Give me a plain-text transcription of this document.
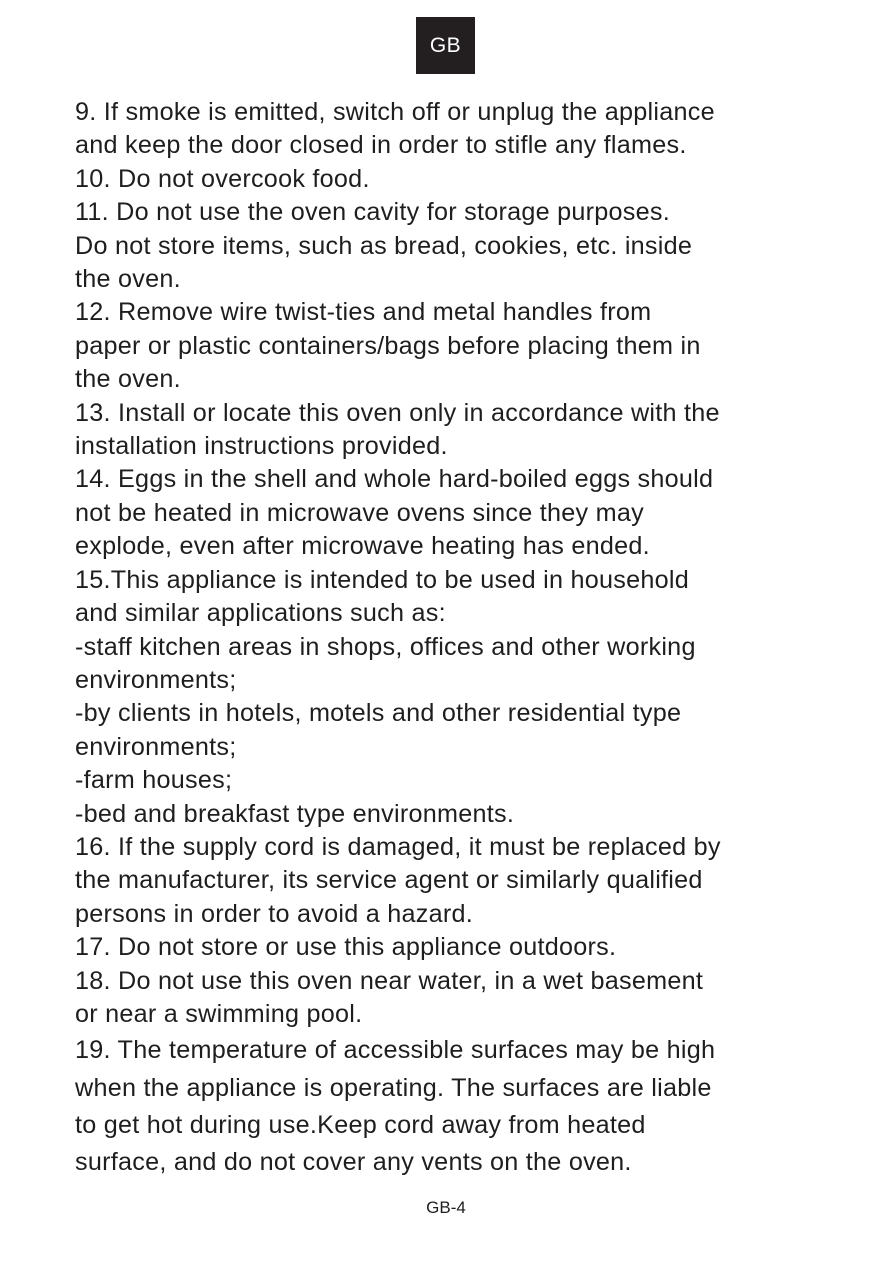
GB

9. If smoke is emitted, switch off or unplug the appliance

and keep the door closed in order to stifle any flames.

10. Do not overcook food.

11. Do not use the oven cavity for storage purposes.

Do not store items, such as bread, cookies, etc. inside

the oven.

12. Remove wire twist-ties and metal handles from

paper or plastic containers/bags before placing them in

the oven.

13. Install or locate this oven only in accordance with the

installation instructions provided.

14. Eggs in the shell and whole hard-boiled eggs should

not be heated in microwave ovens since they may

explode, even after microwave heating has ended.

15.This appliance is intended to be used in household

and similar applications such as:

-staff kitchen areas in shops, offices and other working

environments;

-by clients in hotels, motels and other residential type

environments;

-farm houses;

-bed and breakfast type environments.

16. If the supply cord is damaged, it must be replaced by

the manufacturer, its service agent or similarly qualified

persons in order to avoid a hazard.

17. Do not store or use this appliance outdoors.

18. Do not use this oven near water, in a wet basement

or near a swimming pool.

19. The temperature of accessible surfaces may be high

when the appliance is operating. The surfaces are liable

to get hot during use.Keep cord away from heated

surface, and do not cover any vents on the oven.

GB-4
